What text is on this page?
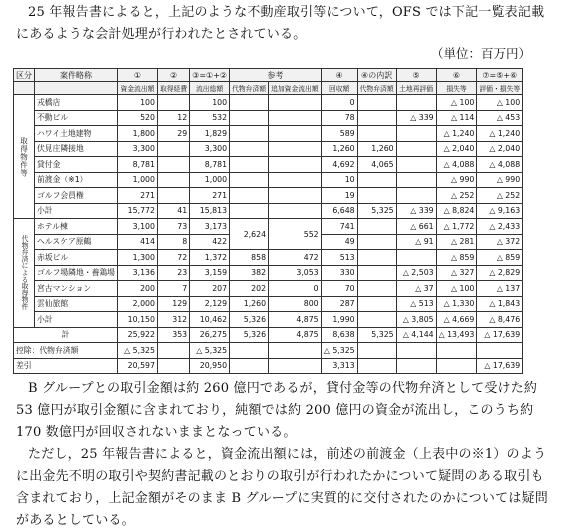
25 年報告書によると，上記のような不動産取引等について，OFS では下記一覧表記載にあるような会計処理が行われたとされている。
（単位：百万円）
区分	案件略称	①	②	③=①+②	参考		④	④の内訳	⑤	⑥	⑦=⑤+⑥
		資金流出額	取得経費	流出総額	代物弁済額	追加資金流出額	回収額	代物弁済額	土地再評価	損失等	評価・損失等
取得物件等	戎橋店	100		100			0			△ 100	△ 100
	不動ビル	520	12	532			78		△ 339	△ 114	△ 453
	ハワイ土地建物	1,800	29	1,829			589			△ 1,240	△ 1,240
	伏見庄隣接地	3,300		3,300			1,260	1,260		△ 2,040	△ 2,040
	貸付金	8,781		8,781			4,692	4,065		△ 4,088	△ 4,088
	前渡金（※1）	1,000		1,000			10			△ 990	△ 990
	ゴルフ会員権	271		271			19			△ 252	△ 252
	小計	15,772	41	15,813			6,648	5,325	△ 339	△ 8,824	△ 9,163
代物弁済による取得物件	ホテル棟	3,100	73	3,173	2,624	552	741		△ 661	△ 1,772	△ 2,433
	ヘルスケア原鶴	414	8	422			49		△ 91	△ 281	△ 372
	赤坂ビル	1,300	72	1,372	858	472	513			△ 859	△ 859
	ゴルフ場隣地・養鶏場	3,136	23	3,159	382	3,053	330		△ 2,503	△ 327	△ 2,829
	宮古マンション	200	7	207	202	0	70		△ 37	△ 100	△ 137
	雲仙旅館	2,000	129	2,129	1,260	800	287		△ 513	△ 1,330	△ 1,843
	小計	10,150	312	10,462	5,326	4,875	1,990		△ 3,805	△ 4,669	△ 8,476
計		25,922	353	26,275	5,326	4,875	8,638	5,325	△ 4,144	△ 13,493	△ 17,639
控除：代物弁済額		△ 5,325		△ 5,325			△ 5,325				
差引		20,597		20,950			3,313				△ 17,639
B グループとの取引金額は約 260 億円であるが，貸付金等の代物弁済として受けた約 53 億円が取引金額に含まれており，純額では約 200 億円の資金が流出し，このうち約 170 数億円が回収されないままとなっている。
ただし，25 年報告書によると，資金流出額には，前述の前渡金（上表中の※1）のように出金先不明の取引や契約書記載のとおりの取引が行われたかについて疑問のある取引も含まれており，上記金額がそのまま B グループに実質的に交付されたのかについては疑問があるとしている。
